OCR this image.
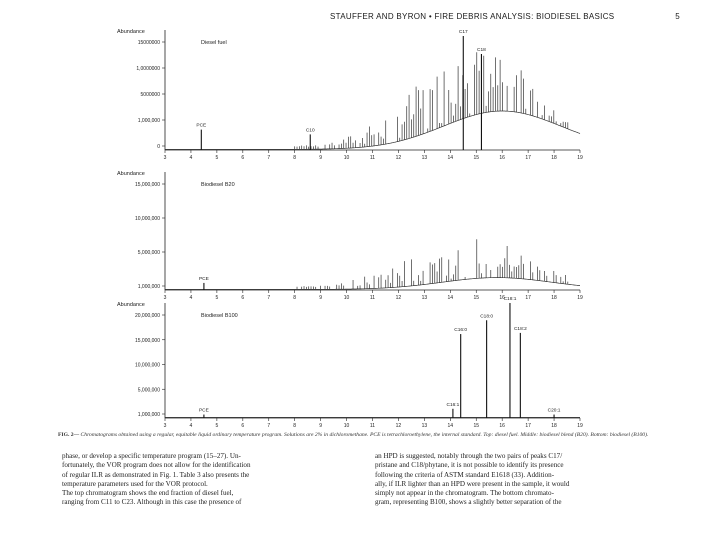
STAUFFER AND BYRON • FIRE DEBRIS ANALYSIS: BIODIESEL BASICS	5
Abundance
Diesel fuel
15000000
1,0000000
5000000
1,000,000
0
3	4	5	6	7	8	9	10	11	12	13	14	15	16	17	18	19
PCE
C10
C17
C18
Abundance
Biodiesel B20
15,000,000
10,000,000
5,000,000
1,000,000
3	4	5	6	7	8	9	10	11	12	13	14	15	16	17	18	19
PCE
Abundance
Biodiesel B100
20,000,000
15,000,000
10,000,000
5,000,000
1,000,000
3	4	5	6	7	8	9	10	11	12	13	14	15	16	17	18	19
PCE
C16:0
C18:0
C18:1
C18:2
C16:1
C20:1
FIG. 2— Chromatograms obtained using a regular, equitable liquid ordinary temperature program. Solutions are 2% in dichloromethane. PCE is tetrachloroethylene, the internal standard. Top: diesel fuel. Middle: biodiesel blend (B20). Bottom: biodiesel (B100).
phase, or develop a specific temperature program (15–27). Un-
fortunately, the VOR program does not allow for the identification
of regular ILR as demonstrated in Fig. 1. Table 3 also presents the
temperature parameters used for the VOR protocol.
The top chromatogram shows the end fraction of diesel fuel,
ranging from C11 to C23. Although in this case the presence of
an HPD is suggested, notably through the two pairs of peaks C17/
pristane and C18/phytane, it is not possible to identify its presence
following the criteria of ASTM standard E1618 (33). Addition-
ally, if ILR lighter than an HPD were present in the sample, it would
simply not appear in the chromatogram. The bottom chromato-
gram, representing B100, shows a slightly better separation of the
